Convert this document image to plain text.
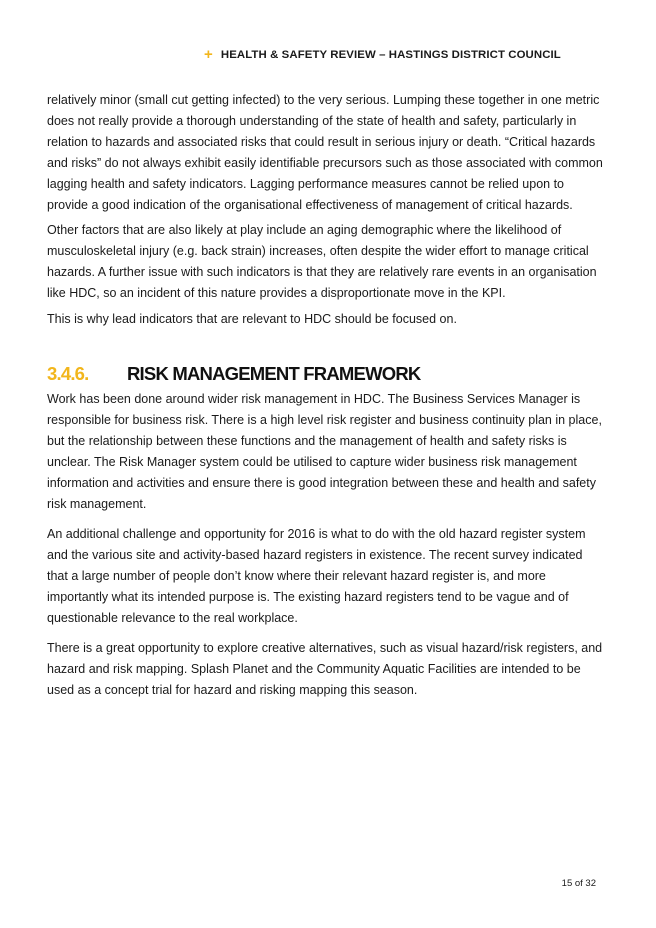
+ HEALTH & SAFETY REVIEW – HASTINGS DISTRICT COUNCIL

relatively minor (small cut getting infected) to the very serious. Lumping these together in one metric does not really provide a thorough understanding of the state of health and safety, particularly in relation to hazards and associated risks that could result in serious injury or death. “Critical hazards and risks” do not always exhibit easily identifiable precursors such as those associated with common lagging health and safety indicators. Lagging performance measures cannot be relied upon to provide a good indication of the organisational effectiveness of management of critical hazards.

Other factors that are also likely at play include an aging demographic where the likelihood of musculoskeletal injury (e.g. back strain) increases, often despite the wider effort to manage critical hazards. A further issue with such indicators is that they are relatively rare events in an organisation like HDC, so an incident of this nature provides a disproportionate move in the KPI.

This is why lead indicators that are relevant to HDC should be focused on.

3.4.6.	RISK MANAGEMENT FRAMEWORK

Work has been done around wider risk management in HDC. The Business Services Manager is responsible for business risk. There is a high level risk register and business continuity plan in place, but the relationship between these functions and the management of health and safety risks is unclear. The Risk Manager system could be utilised to capture wider business risk management information and activities and ensure there is good integration between these and health and safety risk management.

An additional challenge and opportunity for 2016 is what to do with the old hazard register system and the various site and activity-based hazard registers in existence. The recent survey indicated that a large number of people don’t know where their relevant hazard register is, and more importantly what its intended purpose is. The existing hazard registers tend to be vague and of questionable relevance to the real workplace.

There is a great opportunity to explore creative alternatives, such as visual hazard/risk registers, and hazard and risk mapping. Splash Planet and the Community Aquatic Facilities are intended to be used as a concept trial for hazard and risking mapping this season.

15 of 32
